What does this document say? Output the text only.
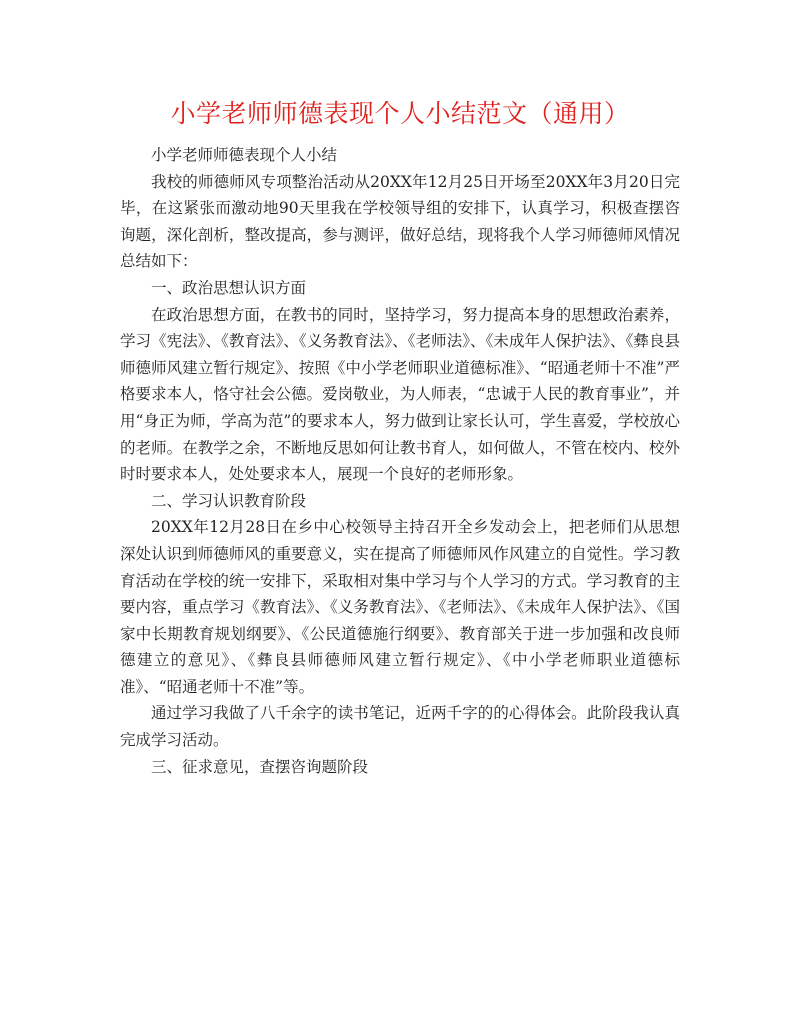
小学老师师德表现个人小结范文（通用）

小学老师师德表现个人小结

我校的师德师风专项整治活动从20XX年12月25日开场至20XX年3月20日完毕，在这紧张而激动地90天里我在学校领导组的安排下，认真学习，积极查摆咨询题，深化剖析，整改提高，参与测评，做好总结，现将我个人学习师德师风情况总结如下：

一、政治思想认识方面

在政治思想方面，在教书的同时，坚持学习，努力提高本身的思想政治素养，学习《宪法》、《教育法》、《义务教育法》、《老师法》、《未成年人保护法》、《彝良县师德师风建立暂行规定》、按照《中小学老师职业道德标准》、“昭通老师十不准”严格要求本人，恪守社会公德。爱岗敬业，为人师表，“忠诚于人民的教育事业”，并用“身正为师，学高为范”的要求本人，努力做到让家长认可，学生喜爱，学校放心的老师。在教学之余，不断地反思如何让教书育人，如何做人，不管在校内、校外时时要求本人，处处要求本人，展现一个良好的老师形象。

二、学习认识教育阶段

20XX年12月28日在乡中心校领导主持召开全乡发动会上，把老师们从思想深处认识到师德师风的重要意义，实在提高了师德师风作风建立的自觉性。学习教育活动在学校的统一安排下，采取相对集中学习与个人学习的方式。学习教育的主要内容，重点学习《教育法》、《义务教育法》、《老师法》、《未成年人保护法》、《国家中长期教育规划纲要》、《公民道德施行纲要》、教育部关于进一步加强和改良师德建立的意见》、《彝良县师德师风建立暂行规定》、《中小学老师职业道德标准》、“昭通老师十不准”等。

通过学习我做了八千余字的读书笔记，近两千字的的心得体会。此阶段我认真完成学习活动。

三、征求意见，查摆咨询题阶段
